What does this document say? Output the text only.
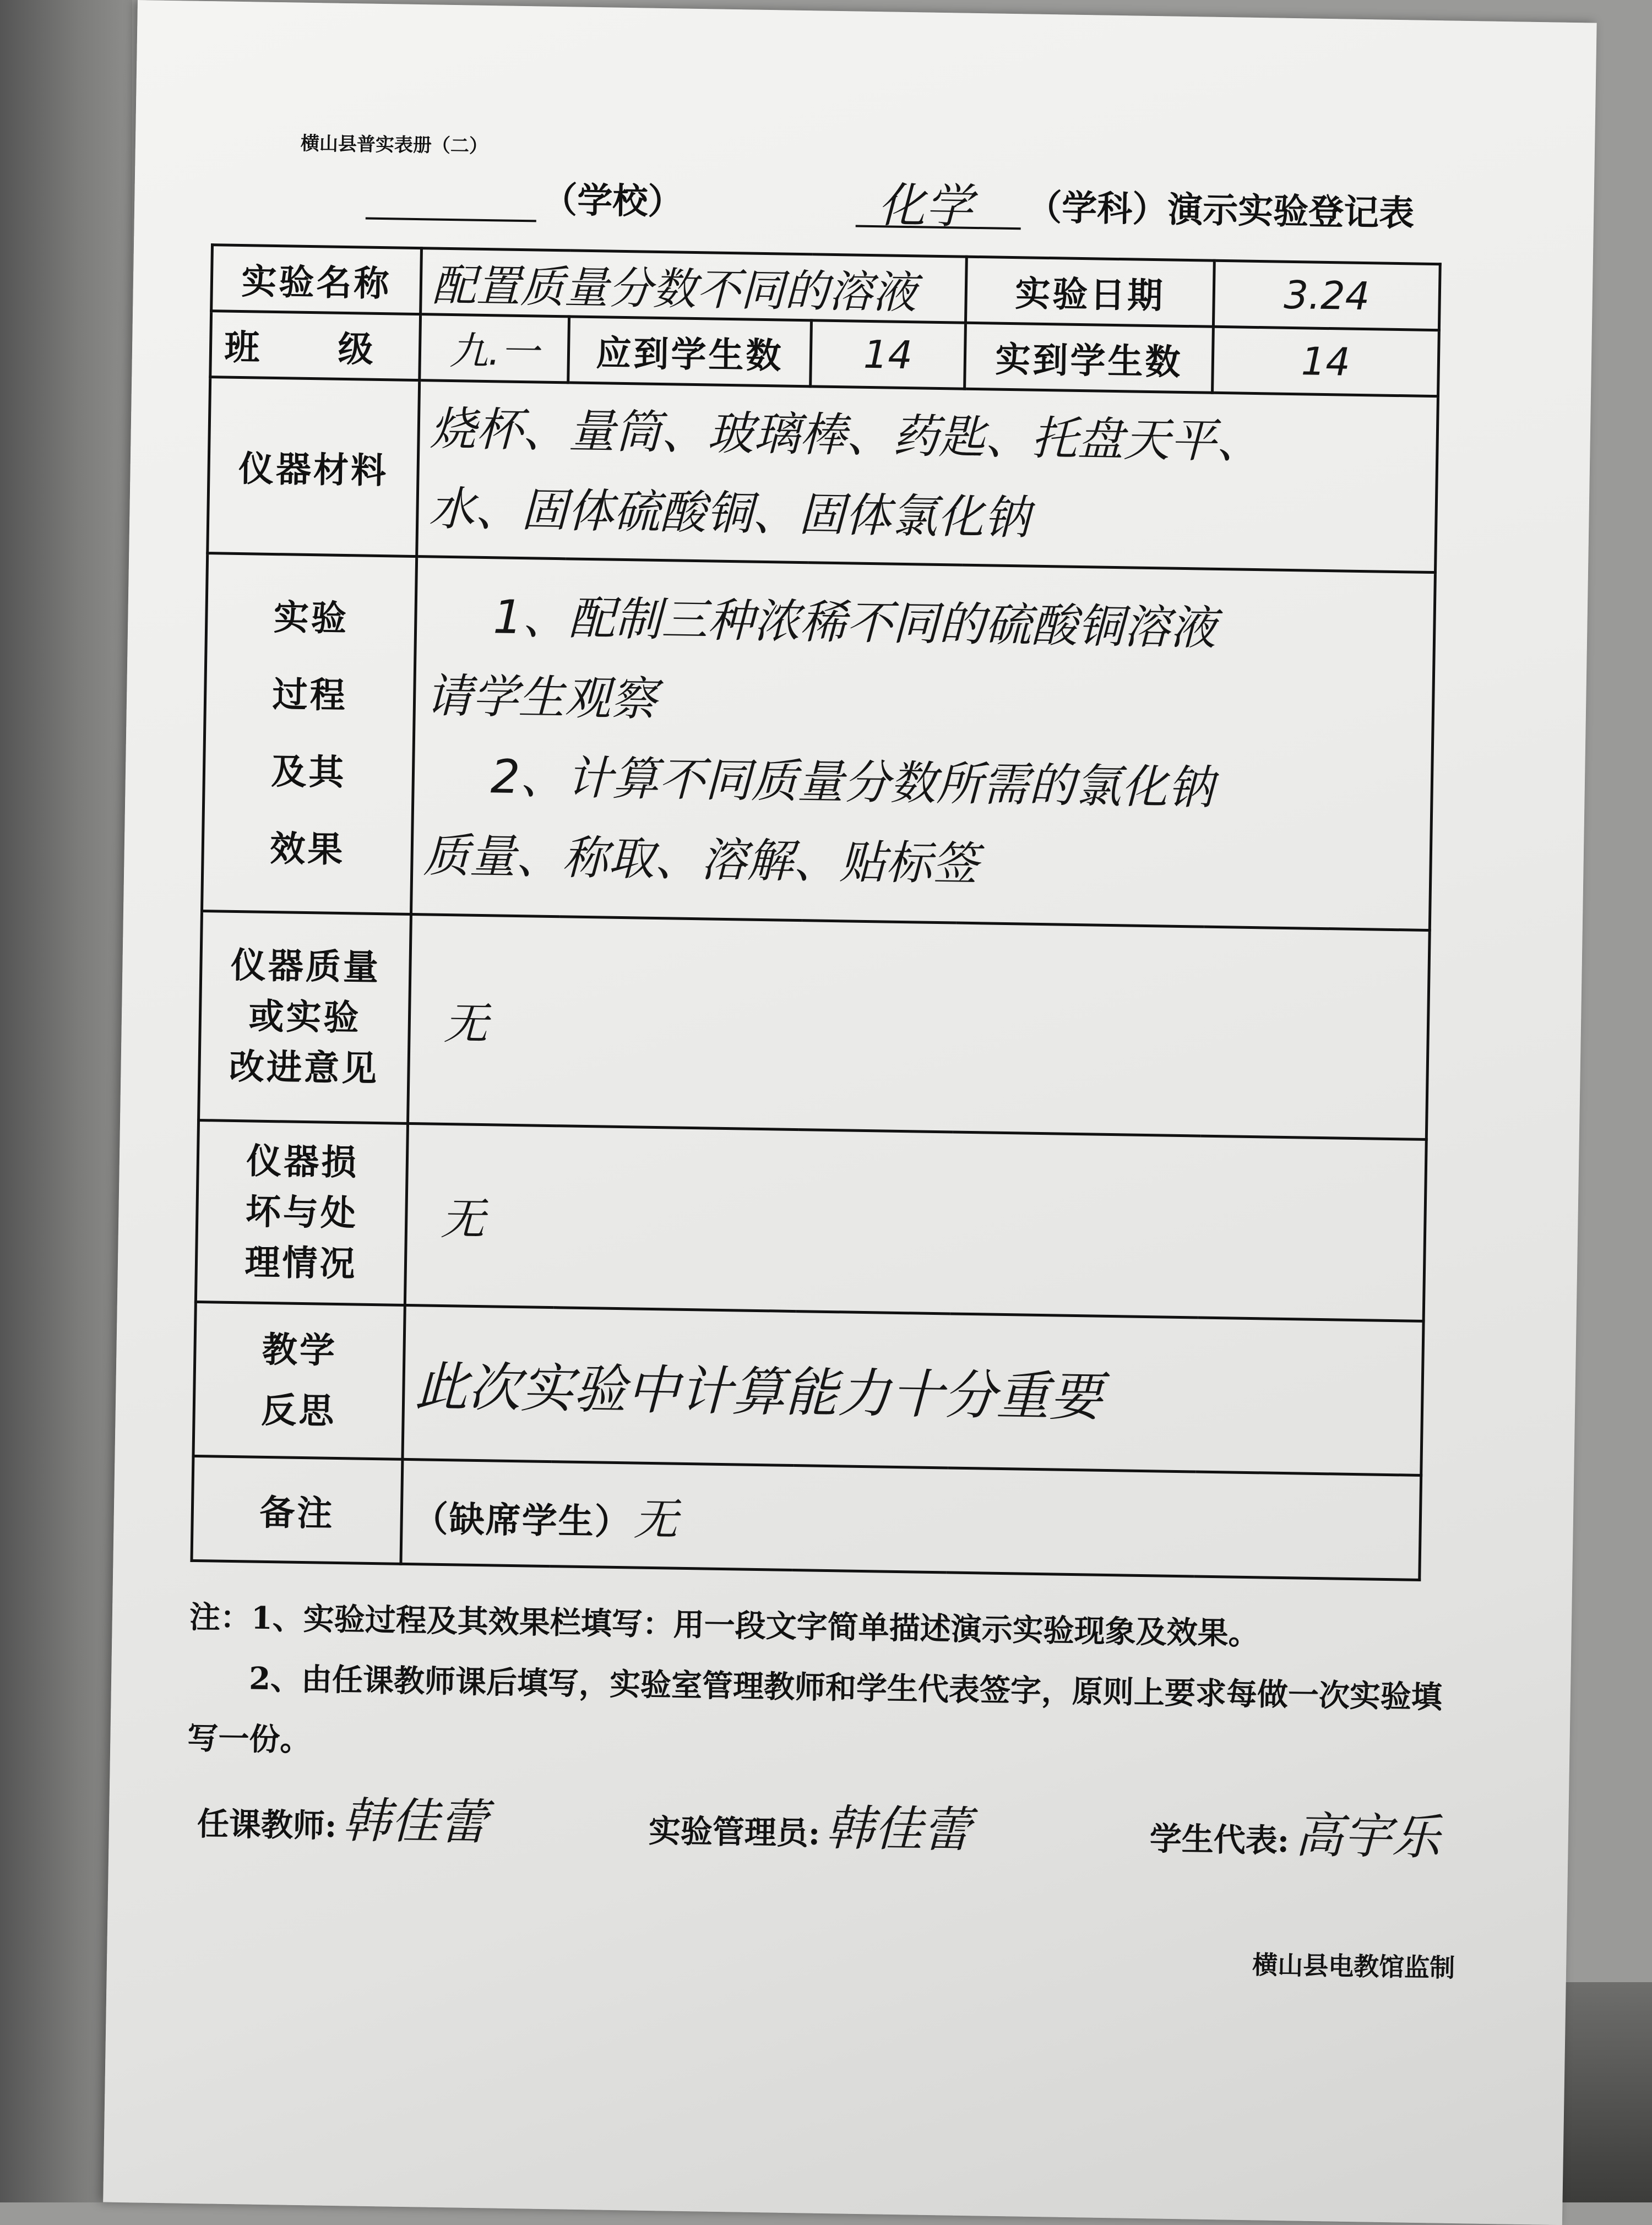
横山县普实表册（二）
（学校）	化学 （学科）演示实验登记表
实验名称	配置质量分数不同的溶液			实验日期	3.24
班 级	九.一	应到学生数	14	实到学生数	14
仪器材料	烧杯、量筒、玻璃棒、药匙、托盘天平、
水、固体硫酸铜、固体氯化钠				

实验
过程
及其
效果	1、配制三种浓稀不同的硫酸铜溶液
请学生观察
2、计算不同质量分数所需的氯化钠
质量、称取、溶解、贴标签				

仪器质量
或实验
改进意见	无				

仪器损
坏与处
理情况	无				

教学
反思	此次实验中计算能力十分重要				
备注	（缺席学生） 无				
注：1、实验过程及其效果栏填写：用一段文字简单描述演示实验现象及效果。
2、由任课教师课后填写，实验室管理教师和学生代表签字，原则上要求每做一次实验填写一份。
任课教师: 韩佳蕾	实验管理员: 韩佳蕾	学生代表: 高宇乐
横山县电教馆监制
